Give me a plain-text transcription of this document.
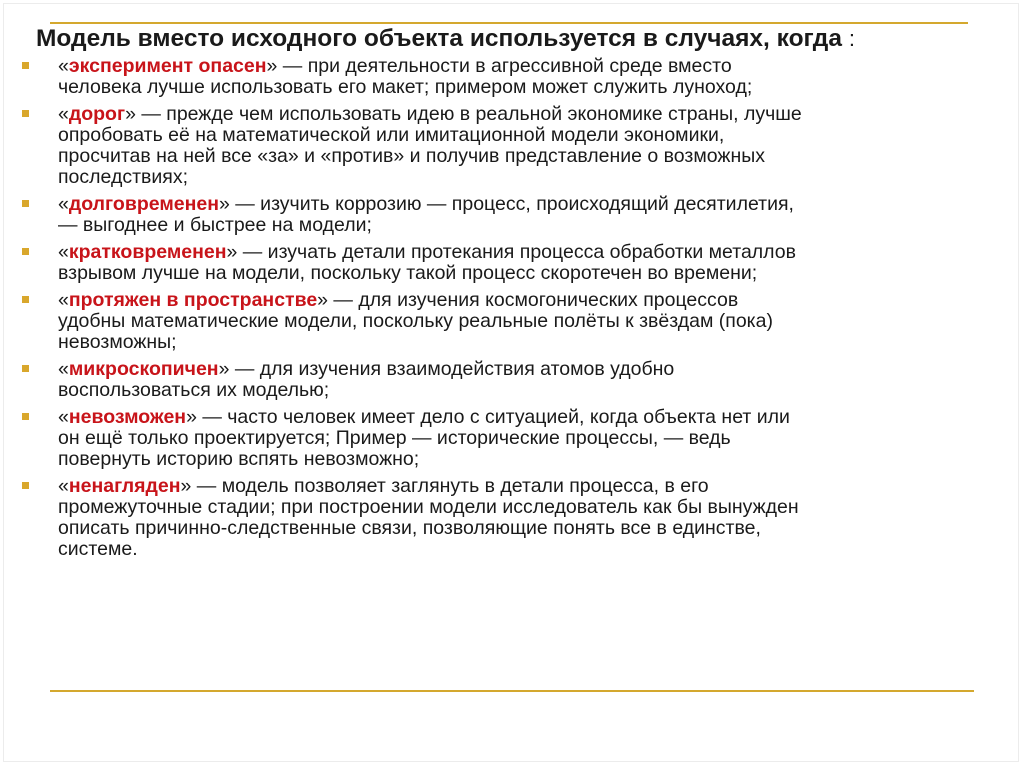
Модель вместо исходного объекта используется в случаях, когда :
«эксперимент опасен» — при деятельности в агрессивной среде вместо
человека лучше использовать его макет; примером может служить луноход;
«дорог» — прежде чем использовать идею в реальной экономике страны, лучше
опробовать её на математической или имитационной модели экономики,
просчитав на ней все «за» и «против» и получив представление о возможных
последствиях;
«долговременен» — изучить коррозию — процесс, происходящий десятилетия,
— выгоднее и быстрее на модели;
«кратковременен» — изучать детали протекания процесса обработки металлов
взрывом лучше на модели, поскольку такой процесс скоротечен во времени;
«протяжен в пространстве» — для изучения космогонических процессов
удобны математические модели, поскольку реальные полёты к звёздам (пока)
невозможны;
«микроскопичен» — для изучения взаимодействия атомов удобно
воспользоваться их моделью;
«невозможен» — часто человек имеет дело с ситуацией, когда объекта нет или
он ещё только проектируется; Пример — исторические процессы, — ведь
повернуть историю вспять невозможно;
«ненаглядeн» — модель позволяет заглянуть в детали процесса, в его
промежуточные стадии; при построении модели исследователь как бы вынужден
описать причинно-следственные связи, позволяющие понять все в единстве,
системе.
